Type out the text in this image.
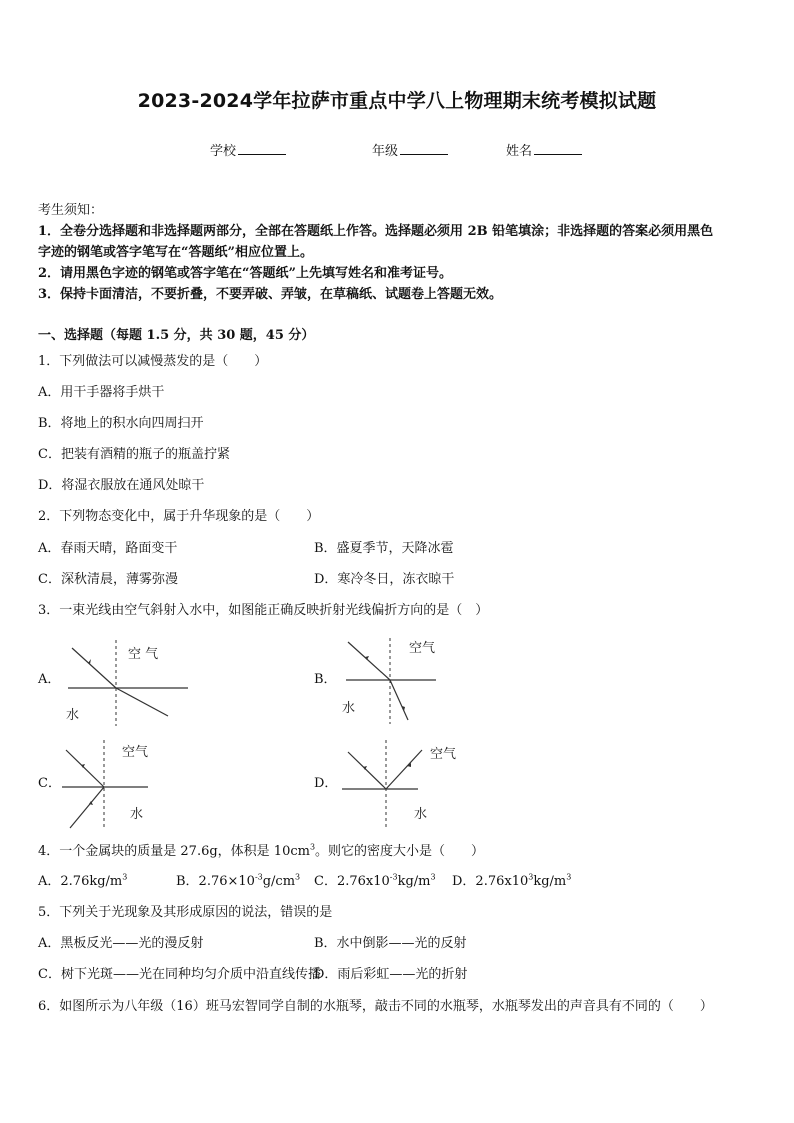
2023-2024学年拉萨市重点中学八上物理期末统考模拟试题
学校	年级	姓名
考生须知：
1．全卷分选择题和非选择题两部分，全部在答题纸上作答。选择题必须用 2B 铅笔填涂；非选择题的答案必须用黑色
字迹的钢笔或答字笔写在“答题纸”相应位置上。
2．请用黑色字迹的钢笔或答字笔在“答题纸”上先填写姓名和准考证号。
3．保持卡面清洁，不要折叠，不要弄破、弄皱，在草稿纸、试题卷上答题无效。
一、选择题（每题 1.5 分，共 30 题，45 分）
1．下列做法可以减慢蒸发的是（　　）
A．用干手器将手烘干
B．将地上的积水向四周扫开
C．把装有酒精的瓶子的瓶盖拧紧
D．将湿衣服放在通风处晾干
2．下列物态变化中，属于升华现象的是（　　）
A．春雨天晴，路面变干	B．盛夏季节，天降冰雹
C．深秋清晨，薄雾弥漫	D．寒冷冬日，冻衣晾干
3．一束光线由空气斜射入水中，如图能正确反映折射光线偏折方向的是（　）
A．	B．
C．	D．
空 气
水
空气
水
空气
水
空气
水
4．一个金属块的质量是 27.6g，体积是 $10cm^3$。则它的密度大小是（　　）
A．$2.76kg/m^3$	B．$2.76\times 10^{-3}g/cm^3$ C．$2.76x10^{-3}kg/m^3$ D．$2.76x10^3kg/m^3$
5．下列关于光现象及其形成原因的说法，错误的是
A．黑板反光——光的漫反射	B．水中倒影——光的反射
C．树下光斑——光在同种均匀介质中沿直线传播
D．雨后彩虹——光的折射
6．如图所示为八年级（16）班马宏智同学自制的水瓶琴，敲击不同的水瓶琴，水瓶琴发出的声音具有不同的（　　）
